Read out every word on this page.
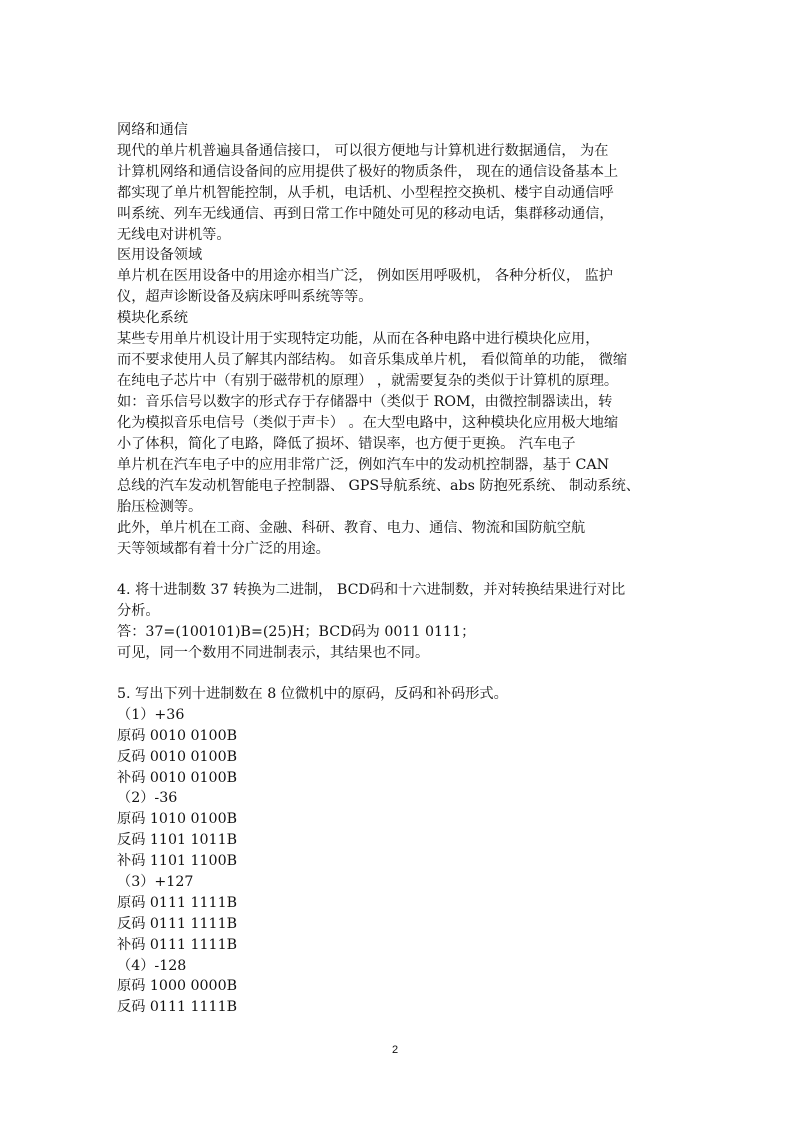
网络和通信
现代的单片机普遍具备通信接口， 可以很方便地与计算机进行数据通信， 为在
计算机网络和通信设备间的应用提供了极好的物质条件， 现在的通信设备基本上
都实现了单片机智能控制，从手机，电话机、小型程控交换机、楼宇自动通信呼
叫系统、列车无线通信、再到日常工作中随处可见的移动电话，集群移动通信，
无线电对讲机等。
医用设备领域
单片机在医用设备中的用途亦相当广泛， 例如医用呼吸机， 各种分析仪， 监护
仪，超声诊断设备及病床呼叫系统等等。
模块化系统
某些专用单片机设计用于实现特定功能，从而在各种电路中进行模块化应用，
而不要求使用人员了解其内部结构。 如音乐集成单片机， 看似简单的功能， 微缩
在纯电子芯片中（有别于磁带机的原理） ，就需要复杂的类似于计算机的原理。
如：音乐信号以数字的形式存于存储器中（类似于 ROM，由微控制器读出，转
化为模拟音乐电信号（类似于声卡） 。在大型电路中，这种模块化应用极大地缩
小了体积，简化了电路，降低了损坏、错误率，也方便于更换。 汽车电子
单片机在汽车电子中的应用非常广泛，例如汽车中的发动机控制器，基于 CAN
总线的汽车发动机智能电子控制器、 GPS导航系统、abs 防抱死系统、 制动系统、
胎压检测等。
此外，单片机在工商、金融、科研、教育、电力、通信、物流和国防航空航
天等领域都有着十分广泛的用途。
4. 将十进制数 37 转换为二进制， BCD码和十六进制数，并对转换结果进行对比
分析。
答：37=(100101)B=(25)H；BCD码为 0011 0111；
可见，同一个数用不同进制表示，其结果也不同。
5. 写出下列十进制数在 8 位微机中的原码，反码和补码形式。
（1）+36
原码 0010 0100B
反码 0010 0100B
补码 0010 0100B
（2）-36
原码 1010 0100B
反码 1101 1011B
补码 1101 1100B
（3）+127
原码 0111 1111B
反码 0111 1111B
补码 0111 1111B
（4）-128
原码 1000 0000B
反码 0111 1111B
2
